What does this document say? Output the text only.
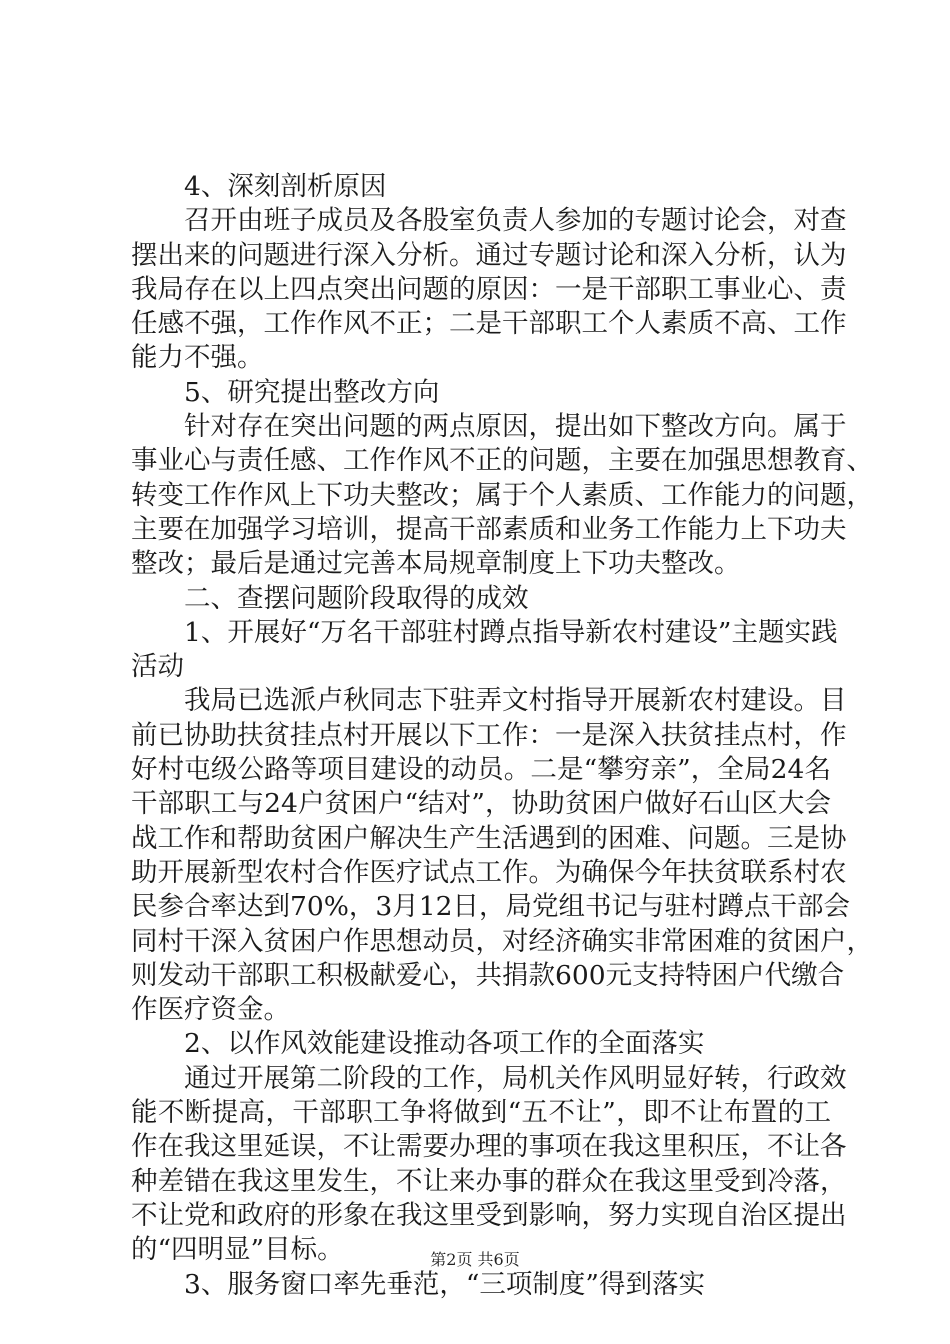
4、深刻剖析原因
召开由班子成员及各股室负责人参加的专题讨论会，对查
摆出来的问题进行深入分析。通过专题讨论和深入分析，认为
我局存在以上四点突出问题的原因：一是干部职工事业心、责
任感不强，工作作风不正；二是干部职工个人素质不高、工作
能力不强。
5、研究提出整改方向
针对存在突出问题的两点原因，提出如下整改方向。属于
事业心与责任感、工作作风不正的问题，主要在加强思想教育、
转变工作作风上下功夫整改；属于个人素质、工作能力的问题，
主要在加强学习培训，提高干部素质和业务工作能力上下功夫
整改；最后是通过完善本局规章制度上下功夫整改。
二、查摆问题阶段取得的成效
1、开展好“万名干部驻村蹲点指导新农村建设”主题实践
活动
我局已选派卢秋同志下驻弄文村指导开展新农村建设。目
前已协助扶贫挂点村开展以下工作：一是深入扶贫挂点村，作
好村屯级公路等项目建设的动员。二是“攀穷亲”，全局24名
干部职工与24户贫困户“结对”，协助贫困户做好石山区大会
战工作和帮助贫困户解决生产生活遇到的困难、问题。三是协
助开展新型农村合作医疗试点工作。为确保今年扶贫联系村农
民参合率达到70%，3月12日，局党组书记与驻村蹲点干部会
同村干深入贫困户作思想动员，对经济确实非常困难的贫困户，
则发动干部职工积极献爱心，共捐款600元支持特困户代缴合
作医疗资金。
2、以作风效能建设推动各项工作的全面落实
通过开展第二阶段的工作，局机关作风明显好转，行政效
能不断提高，干部职工争将做到“五不让”，即不让布置的工
作在我这里延误，不让需要办理的事项在我这里积压，不让各
种差错在我这里发生，不让来办事的群众在我这里受到冷落，
不让党和政府的形象在我这里受到影响，努力实现自治区提出
的“四明显”目标。
3、服务窗口率先垂范，“三项制度”得到落实
第2页 共6页
